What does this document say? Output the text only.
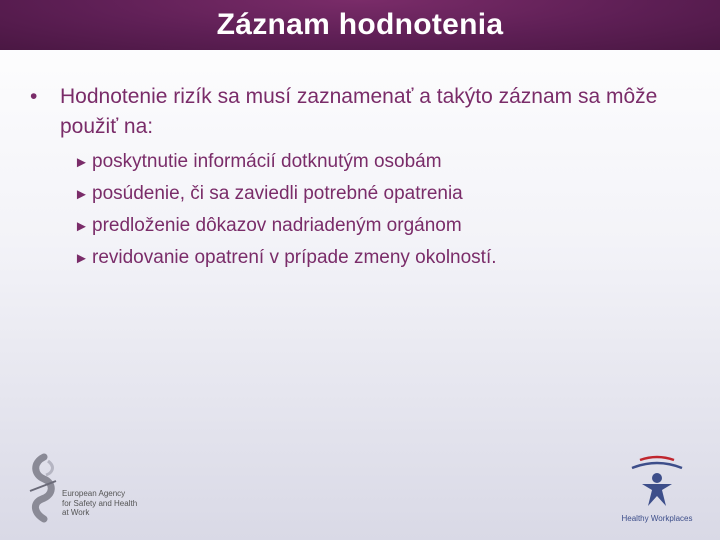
Záznam hodnotenia
•	Hodnotenie rizík sa musí zaznamenať a takýto záznam sa môže použiť na:
► poskytnutie informácií dotknutým osobám
► posúdenie, či sa zaviedli potrebné opatrenia
► predloženie dôkazov nadriadeným orgánom
► revidovanie opatrení v prípade zmeny okolností.
European Agency
for Safety and Health
at Work
Healthy Workplaces
